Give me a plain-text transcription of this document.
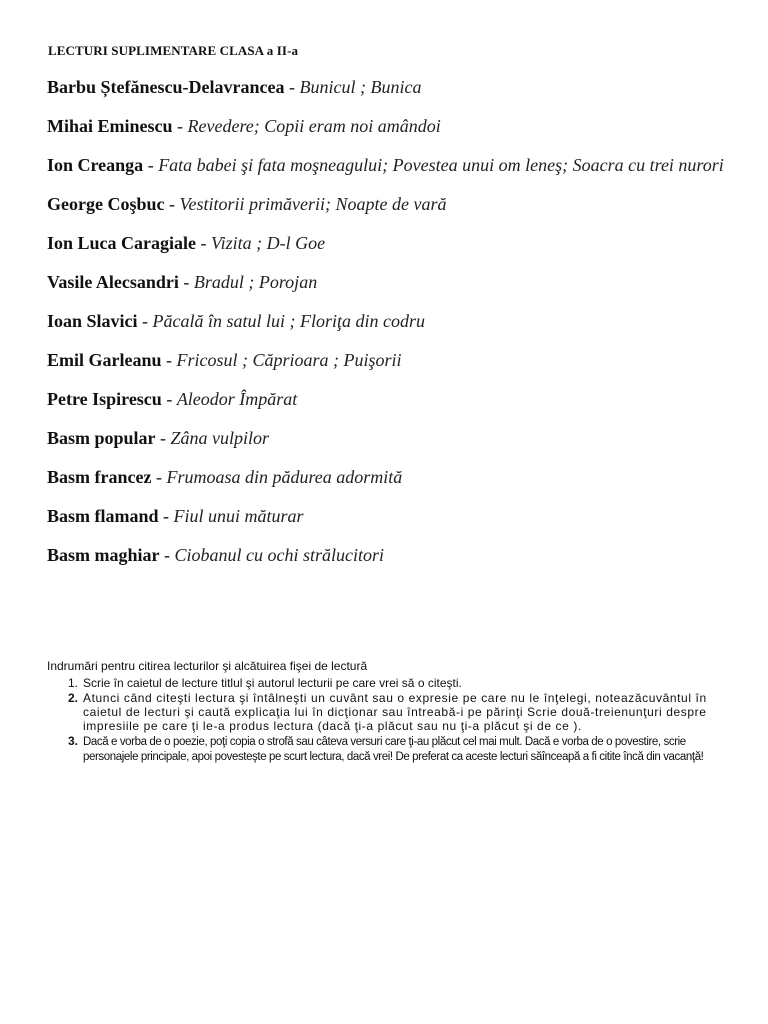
LECTURI SUPLIMENTARE CLASA a II-a
Barbu Ștefănescu-Delavrancea - Bunicul ; Bunica
Mihai Eminescu - Revedere; Copii eram noi amândoi
Ion Creanga - Fata babei şi fata moşneagului; Povestea unui om leneş; Soacra cu trei nurori
George Coşbuc - Vestitorii primăverii; Noapte de vară
Ion Luca Caragiale - Vizita ; D-l Goe
Vasile Alecsandri - Bradul ; Porojan
Ioan Slavici - Păcală în satul lui ; Floriţa din codru
Emil Garleanu - Fricosul ; Căprioara ; Puişorii
Petre Ispirescu - Aleodor Împărat
Basm popular - Zâna vulpilor
Basm francez - Frumoasa din pădurea adormită
Basm flamand - Fiul unui măturar
Basm maghiar - Ciobanul cu ochi strălucitori
Indrumări pentru citirea lecturilor şi alcătuirea fişei de lectură
1. Scrie în caietul de lecture titlul şi autorul lecturii pe care vrei să o citeşti.
2. Atunci când citeşti lectura şi întâlneşti un cuvânt sau o expresie pe care nu le înţelegi, noteazăcuvântul în caietul de lecturi şi caută explicaţia lui în dicţionar sau întreabă-i pe părinţi Scrie două-treienunţuri despre impresiile pe care ţi le-a produs lectura (dacă ţi-a plăcut sau nu ţi-a plăcut şi de ce ).
3. Dacă e vorba de o poezie, poţi copia o strofă sau câteva versuri care ţi-au plăcut cel mai mult. Dacă e vorba de o povestire, scrie personajele principale, apoi povesteşte pe scurt lectura, dacă vrei! De preferat ca aceste lecturi săînceapă a fi citite încă din vacanţă!
